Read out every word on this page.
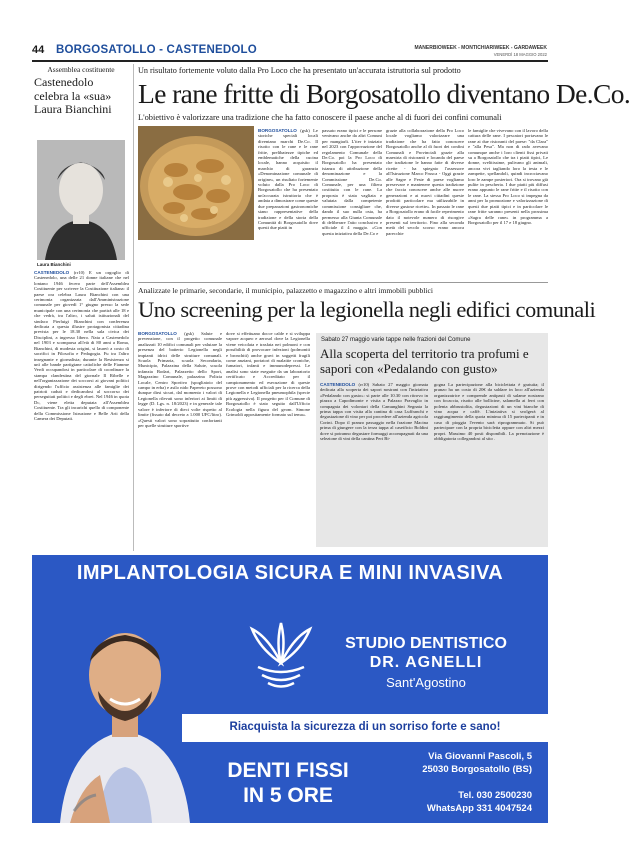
44 BORGOSATOLLO - CASTENEDOLO	MANERBIOWEEK - MONTICHIARIWEEK - GARDAWEEK
VENERDÌ 18 MAGGIO 2022
Assemblea costituente
Castenedolo celebra la «sua» Laura Bianchini
Laura Bianchini
CASTENEDOLO (rr10) E un orgoglio di Castenedolo, una delle 21 donne italiane che nel lontano 1946 fecero parte dell'Assemblea Costituente per scrivere la Costituzione italiana: il paese ora celebra Laura Bianchini con una cerimonia organizzata dall'Amministrazione comunale per giovedì 1° giugno presso la sede municipale con una cerimonia che partirà alle 18 e che vedrà, tra l'altro, i saluti istituzionali del sindaco Pierluigi Bianchini con conferenza dedicata a questa illustre protagonista cittadina prevista per le 18.30 nella sala civica dei Disciplini, a ingresso libero. Nata a Castenedolo nel 1903 e scomparsa all'età di 80 anni a Roma, Bianchini, di modesta origini, si laureò a costo di sacrifici in Filosofia e Pedagogia. Fu tra l'altro insegnante e giornalista; durante la Resistenza si unì alle bande partigiane cattoliche delle Fiamme Verdi occupandosi in particolare di coordinare la stampa clandestina del giornale Il Ribelle e nell'organizzazione dei soccorsi ai giovani politici dirigendo l'ufficio assistenza alle famiglie dei patrioti caduti e dedicandosi al soccorso dei perseguitati politici e degli ebrei. Nel 1946 in quota Dc, viene eletta deputata all'Assemblea Costituente. Tra gli incarichi quello di componente della Commissione Istruzione e Belle Arti della Camera dei Deputati.
Un risultato fortemente voluto dalla Pro Loco che ha presentato un'accurata istruttoria sul prodotto
Le rane fritte di Borgosatollo diventano De.Co.
L'obiettivo è valorizzare una tradizione che ha fatto conoscere il paese anche al di fuori dei confini comunali
BORGOSATOLLO (gsk) Le storiche speciali locali diventano marchi De.Co. Il risotto con le rane e le rane fritte, prelibatezze tipiche ed emblematiche della cucina locale, hanno acquisito il marchio di garanzia «Denominazione comunale di origine», un risultato fortemente voluto dalla Pro Loco di Borgosatollo che ha presentato un'accurata istruttoria che è andata a dimostrare come queste due preparazioni gastronomiche siano rappresentative della tradizione e della storia della Comunità di Borgosatollo dove questi due piatti in
passato erano tipici e le persone venivano anche da altri Comuni per mangiarli. L'iter è iniziato nel 2023 con l'approvazione del regolamento Comunale della De.Co. poi la Pro Loco di Borgosatollo ha presentato istanza di attribuzione della denominazione e la Commissione De.Co. Comunale, per una filiera costituita con le rane. La proposta è stata vagliata e valutata dalla competente commissione consigliare che, dando il suo nulla osta, ha permesso alla Giunta Comunale di deliberare l'atto conclusivo e ufficiale il 4 maggio. «Con questa iniziativa della De.Co e
grazie alla collaborazione della Pro Loco locale vogliamo valorizzare una tradizione che ha fatto conoscere Borgosatollo anche al di fuori dei confini Comunali e Provinciali grazie alla maestria di ristoranti e locanda del paese che tradizione le hanno fatte di diverse ricette - ha spiegato l'assessore all'Istruzione Marco Frusca - Oggi grazie alle Sagre e Feste di paese vogliamo preservare e mantenere questa tradizione che faccia conoscere anche alle nuove generazioni e ai nuovi cittadini queste prodotti particolare ma utilizzabile in diverse gustose ricette». In passato le rane a Borgosatollo erano di facile reperimento dato il notevole numero di risorgive presenti sul territorio. Fino alla seconda metà del secolo scorso erano ancora parecchie
le famiglie che vivevano con il lavoro della cattura delle rane. I pescatori portavano le rane ai due ristoranti del paese: "da Clara" e "alla Pesa". Ma non di rado avevano comunque anche i loro clienti fissi privati su a Borgosatollo che tra i piatti tipici, Le donne, svelitissime, pulivano gli animali, ancora vivi tagliando loro la testa e le zampette, spellandoli, quindi incrociavano loro le zampe posteriori. Ora si trovano già pulite in pescheria. I due piatti più diffusi erano appunto le rane fritte e il risotto con le rane. La stessa Pro Loco si impegna da anni per la promozione e valorizzazione di questi due piatti tipici e in particolare le rane fritte saranno presenti nella prossima «Sagra delle rane» in programma a Borgosatollo per il 17 e 18 giugno.
Analizzate le primarie, secondarie, il municipio, palazzetto e magazzino e altri immobili pubblici
Uno screening per la legionella negli edifici comunali
BORGOSATOLLO (gsk) Salute e prevenzione, con il progetto comunale analizzati 10 edifici comunali per valutare la presenza del batterio Legionella negli impianti idrici delle strutture comunali. Scuola Primaria, scuola Secondaria, Municipio, Palazzina della Salute, scuola infanzia Bodari, Palazzetto dello Sport, Magazzino Comunale, palazzina Polizia Locale, Centro Sportivo (spogliatoio del campo in erba) e asilo nido Papereto possono dunque dirsi sicuri, dal momento i valori di Legionella rilevati sono inferiori ai limiti di legge (D. Lgs. n. 18/2023) e in generale tale valore è inferiore di dieci volte rispetto al limite (fissato dal decreto a 1.000 UFC/litro). «Questi valori sono soprattutto confortanti per quelle strutture sportive
dove si effettuano docce calde e si sviluppa vapore acqueo e aerosol dove la Legionella viene veicolata e trasfata nei polmoni e con possibilità di provocare infezioni (polmoniti e bronchiti) anche gravi in soggetti fragili come anziani, portatori di malattie croniche, fumatori, infanti e immunodepressi. Le analisi sono state eseguite da un laboratorio certificato e Accreditato per il campionamento ed esecuzione di queste prove con metodi ufficiali per la ricerca della Legionella e Legionella pneumophila (specie più aggressiva). Il progetto per il Comune di Borgosatollo è stato seguito dall'Ufficio Ecologia nella figura del geom. Simone Grimoldi appositamente formato sul tema».
Sabato 27 maggio varie tappe nelle frazioni del Comune
Alla scoperta del territorio tra profumi e sapori con «Pedalando con gusto»
CASTENEDOLO (rr10) Sabato 27 maggio giornata dedicata alla scoperta dei sapori nostrani con l'iniziativa «Pedalando con gusto»: si parte alle 10.30 con ritrovo in piazza a Capodimonte e visita a Palazzo Pravaglio in compagnia dei volontari della Camunghini Segnata la prima tappa con visita alla cantina di casa Luffranchi e degustazione di vino per poi procedere all'azienda agricola Corini. Dopo il pranzo passaggio nella frazione Macina prima di giungere con la terza tappa al caseificio Boldini dove si potranno degustare formaggi accompagnati da una selezione di vini della cantina Peri Bi-
gogna La partecipazione alla biciclettata è gratuita; il pranzo ha un costo di 20€ da saldare in loco all'azienda organizzatrice e comprende antipasti di salame nostrano con focaccia, risotto alle bollicine, salamella ai ferri con polenta abbrustolita, degustazioni di un vini bianche di vino acqua e caffè. L'iniziativa si svolgerà al raggiungimento della quota minima di 15 partecipanti e in caso di pioggia l'evento sarà riprogrammato. Si può partecipare con la propria bicicletta oppure con altri mezzi propri. Massimo 40 posti disponibili. La prenotazione è obbligatoria collegandosi al sito .
IMPLANTOLOGIA SICURA E MINI INVASIVA
STUDIO DENTISTICO
DR. AGNELLI
Sant'Agostino
Riacquista la sicurezza di un sorriso forte e sano!
DENTI FISSI
IN 5 ORE
Via Giovanni Pascoli, 5
25030 Borgosatollo (BS)
Tel. 030 2500230
WhatsApp 331 4047524
